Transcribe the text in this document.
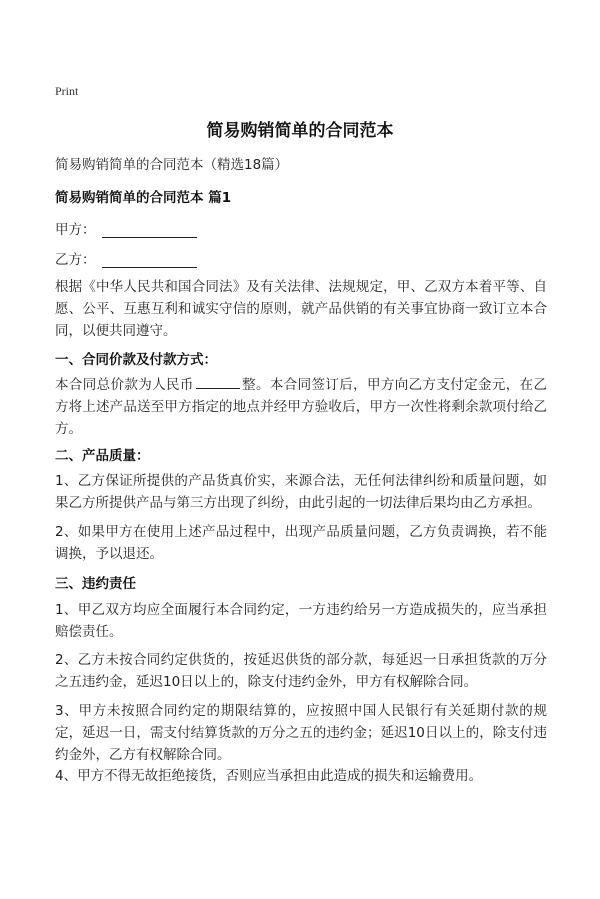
Print
简易购销简单的合同范本
简易购销简单的合同范本（精选18篇）
简易购销简单的合同范本 篇1
甲方：
乙方：
根据《中华人民共和国合同法》及有关法律、法规规定，甲、乙双方本着平等、自愿、公平、互惠互利和诚实守信的原则，就产品供销的有关事宜协商一致订立本合同，以便共同遵守。
一、合同价款及付款方式：
本合同总价款为人民币	整。本合同签订后，甲方向乙方支付定金元，在乙方将上述产品送至甲方指定的地点并经甲方验收后，甲方一次性将剩余款项付给乙方。
二、产品质量：
1、乙方保证所提供的产品货真价实，来源合法，无任何法律纠纷和质量问题，如果乙方所提供产品与第三方出现了纠纷，由此引起的一切法律后果均由乙方承担。
2、如果甲方在使用上述产品过程中，出现产品质量问题，乙方负责调换，若不能调换，予以退还。
三、违约责任
1、甲乙双方均应全面履行本合同约定，一方违约给另一方造成损失的，应当承担赔偿责任。
2、乙方未按合同约定供货的，按延迟供货的部分款，每延迟一日承担货款的万分之五违约金，延迟10日以上的，除支付违约金外，甲方有权解除合同。
3、甲方未按照合同约定的期限结算的，应按照中国人民银行有关延期付款的规定，延迟一日，需支付结算货款的万分之五的违约金；延迟10日以上的，除支付违约金外，乙方有权解除合同。
4、甲方不得无故拒绝接货，否则应当承担由此造成的损失和运输费用。
